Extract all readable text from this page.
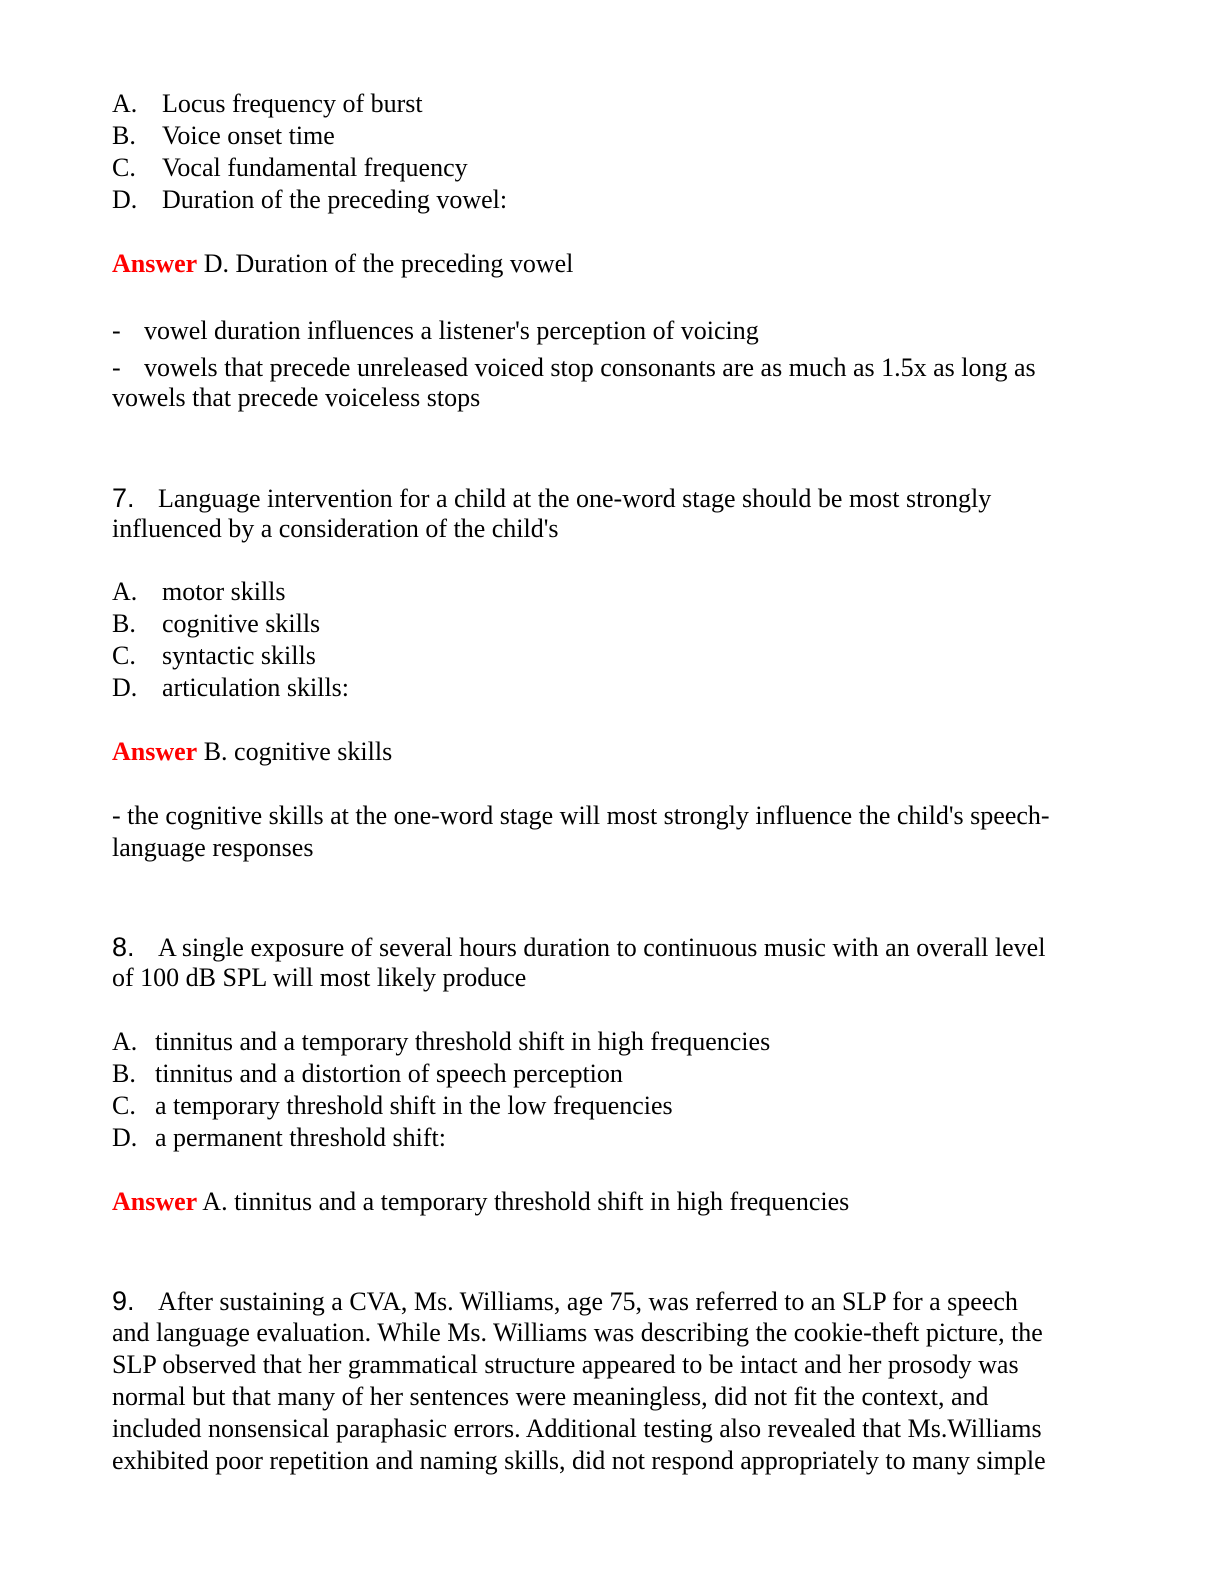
A. Locus frequency of burst
B. Voice onset time
C. Vocal fundamental frequency
D. Duration of the preceding vowel:
Answer D. Duration of the preceding vowel
- vowel duration influences a listener's perception of voicing
- vowels that precede unreleased voiced stop consonants are as much as 1.5x as long as
vowels that precede voiceless stops
7. Language intervention for a child at the one-word stage should be most strongly
influenced by a consideration of the child's
A. motor skills
B. cognitive skills
C. syntactic skills
D. articulation skills:
Answer B. cognitive skills
- the cognitive skills at the one-word stage will most strongly influence the child's speech-
language responses
8. A single exposure of several hours duration to continuous music with an overall level
of 100 dB SPL will most likely produce
A. tinnitus and a temporary threshold shift in high frequencies
B. tinnitus and a distortion of speech perception
C. a temporary threshold shift in the low frequencies
D. a permanent threshold shift:
Answer A. tinnitus and a temporary threshold shift in high frequencies
9. After sustaining a CVA, Ms. Williams, age 75, was referred to an SLP for a speech
and language evaluation. While Ms. Williams was describing the cookie-theft picture, the
SLP observed that her grammatical structure appeared to be intact and her prosody was
normal but that many of her sentences were meaningless, did not fit the context, and
included nonsensical paraphasic errors. Additional testing also revealed that Ms.Williams
exhibited poor repetition and naming skills, did not respond appropriately to many simple
